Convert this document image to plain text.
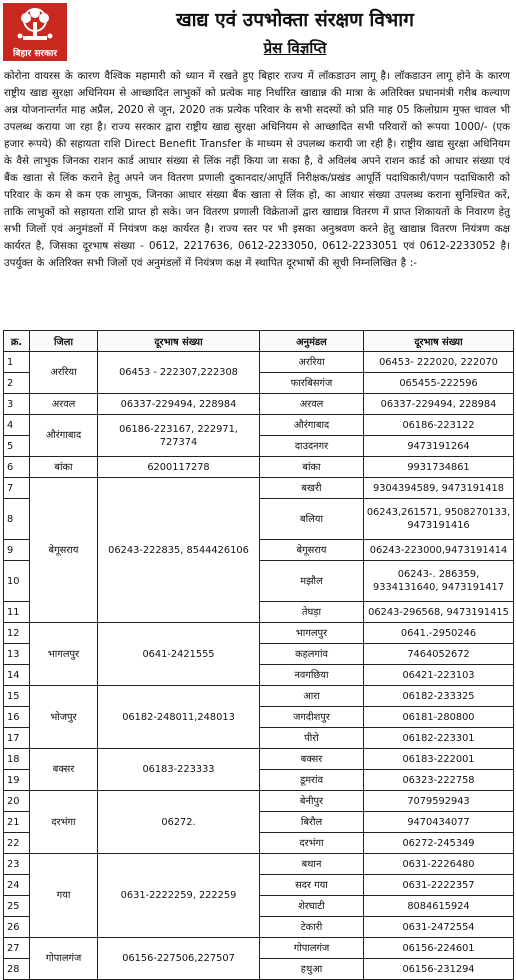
बिहार सरकार
खाद्य एवं उपभोक्ता संरक्षण विभाग
प्रेस विज्ञप्ति
कोरोना वायरस के कारण वैश्विक महामारी को ध्यान में रखते हुए बिहार राज्य में लॉकडाउन लागू है। लॉकडाउन लागू होने के कारण राष्ट्रीय खाद्य सुरक्षा अधिनियम से आच्छादित लाभुकों को प्रत्येक माह निर्धारित खाद्यान्न की मात्रा के अतिरिक्त प्रधानमंत्री गरीब कल्याण अन्न योजनान्तर्गत माह अप्रैल, 2020 से जून, 2020 तक प्रत्येक परिवार के सभी सदस्यों को प्रति माह 05 किलोग्राम मुफ्त चावल भी उपलब्ध कराया जा रहा है। राज्य सरकार द्वारा राष्ट्रीय खाद्य सुरक्षा अधिनियम से आच्छादित सभी परिवारों को रूपया 1000/- (एक हजार रूपये) की सहायता राशि Direct Benefit Transfer के माध्यम से उपलब्ध करायी जा रही है। राष्ट्रीय खाद्य सुरक्षा अधिनियम के वैसे लाभुक जिनका राशन कार्ड आधार संख्या से लिंक नहीं किया जा सका है, वे अविलंब अपने राशन कार्ड को आधार संख्या एवं बैंक खाता से लिंक कराने हेतु अपने जन वितरण प्रणाली दुकानदार/आपूर्ति निरीक्षक/प्रखंड आपूर्ति पदाधिकारी/पणन पदाधिकारी को परिवार के कम से कम एक लाभुक, जिनका आधार संख्या बैंक खाता से लिंक हो, का आधार संख्या उपलब्ध कराना सुनिश्चित करें, ताकि लाभुकों को सहायता राशि प्राप्त हो सके। जन वितरण प्रणाली विक्रेताओं द्वारा खाद्यान्न वितरण में प्राप्त शिकायतों के निवारण हेतु सभी जिलों एवं अनुमंडलों में नियंत्रण कक्ष कार्यरत है। राज्य स्तर पर भी इसका अनुश्रवण करने हेतु खाद्यान्न वितरण नियंत्रण कक्ष कार्यरत है, जिसका दूरभाष संख्या - 0612, 2217636, 0612-2233050, 0612-2233051 एवं 0612-2233052 है। उपर्युक्त के अतिरिक्त सभी जिलों एवं अनुमंडलों में नियंत्रण कक्ष में स्थापित दूरभाषों की सूची निम्नलिखित है :-
क्र.	जिला	दूरभाष संख्या	अनुमंडल	दूरभाष संख्या
1	अररिया	06453 - 222307,222308	अररिया	06453- 222020, 222070
2			फारबिसगंज	065455-222596
3	अरवल	06337-229494, 228984	अरवल	06337-229494, 228984
4	औरंगाबाद	06186-223167, 222971, 727374	औरंगाबाद	06186-223122
5			दाउदनगर	9473191264
6	बांका	6200117278	बांका	9931734861
7	बेगूसराय	06243-222835, 8544426106	बखरी	9304394589, 9473191418
8			बलिया	06243,261571, 9508270133, 9473191416
9			बेगूसराय	06243-223000,9473191414
10			मझौल	06243-. 286359, 9334131640, 9473191417
11			तेघड़ा	06243-296568, 9473191415
12	भागलपुर	0641-2421555	भागलपुर	0641.-2950246
13			कहलगांव	7464052672
14			नवगछिया	06421-223103
15	भोजपुर	06182-248011,248013	आरा	06182-233325
16			जगदीशपुर	06181-280800
17			पीरो	06182-223301
18	बक्सर	06183-223333	बक्सर	06183-222001
19			डूमरांव	06323-222758
20	दरभंगा	06272.	बेनीपुर	7079592943
21			बिरौल	9470434077
22			दरभंगा	06272-245349
23	गया	0631-2222259, 222259	बथान	0631-2226480
24			सदर गया	0631-2222357
25			शेरघाटी	8084615924
26			टेकारी	0631-2472554
27	गोपालगंज	06156-227506,227507	गोपालगंज	06156-224601
28			हथुआ	06156-231294
